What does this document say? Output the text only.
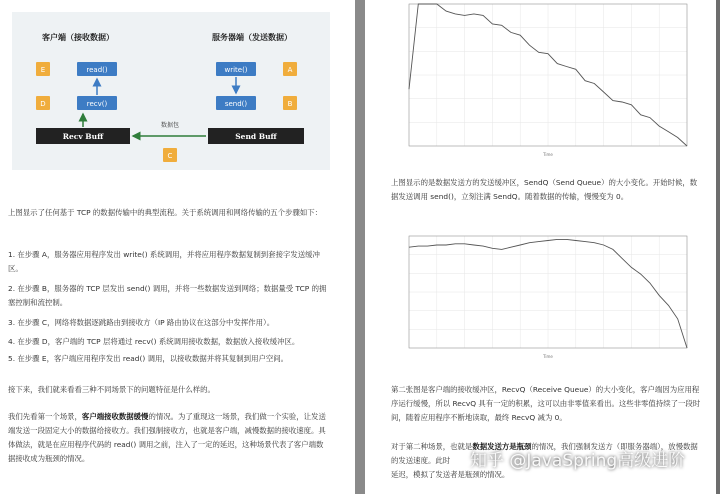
客户端（接收数据）	服务器端（发送数据）
read()
recv()
write()
send()
E
D
A
B
Recv Buff	Send Buff
数据包
C

上图显示了任何基于 TCP 的数据传输中的典型流程。关于系统调用和网络传输的五个步骤如下：

1. 在步骤 A，服务器应用程序发出 write() 系统调用，并将应用程序数据复制到套接字发送缓冲区。
2. 在步骤 B，服务器的 TCP 层发出 send() 调用，并将一些数据发送到网络；数据量受 TCP 的拥塞控制和流控制。
3. 在步骤 C，网络将数据逐跳路由到接收方（IP 路由协议在这部分中发挥作用）。
4. 在步骤 D，客户端的 TCP 层将通过 recv() 系统调用接收数据，数据放入接收缓冲区。
5. 在步骤 E，客户端应用程序发出 read() 调用，以接收数据并将其复制到用户空间。

接下来，我们就来看看三种不同场景下的问题特征是什么样的。

我们先看第一个场景，客户端接收数据缓慢的情况。为了重现这一场景，我们做一个实验，让发送端发送一段固定大小的数据给接收方。我们强制接收方，也就是客户端，减慢数据的接收速度。具体做法，就是在应用程序代码的 read() 调用之前，注入了一定的延迟，这种场景代表了客户端数据接收成为瓶颈的情况。

Time

上图显示的是数据发送方的发送缓冲区，SendQ（Send Queue）的大小变化。开始时候，数据发送调用 send()，立刻注满 SendQ。随着数据的传输，慢慢变为 0。

Time

第二张图是客户端的接收缓冲区，RecvQ（Receive Queue）的大小变化，客户端因为应用程序运行缓慢，所以 RecvQ 具有一定的积累，这可以由非零值来看出。这些非零值持续了一段时间，随着应用程序不断地读取，最终 RecvQ 减为 0。

对于第二种场景，也就是数据发送方是瓶颈的情况，我们强制发送方（即服务器端），放慢数据的发送速度。此时
延迟，模拟了发送者是瓶颈的情况。

知乎 @JavaSpring高级进阶
